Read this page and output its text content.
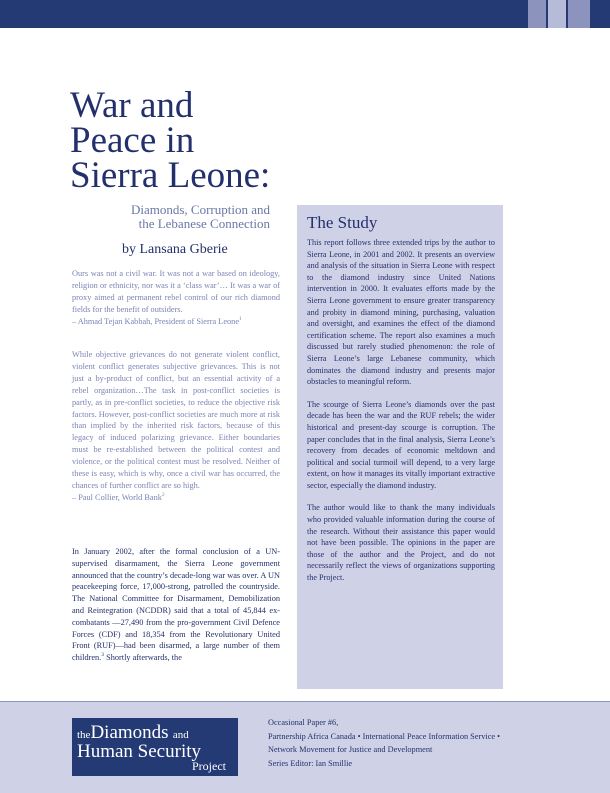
War and
Peace in
Sierra Leone:
Diamonds, Corruption and
the Lebanese Connection
by Lansana Gberie

Ours was not a civil war. It was not a war based on ideology, religion or ethnicity, nor was it a ‘class war’… It was a war of proxy aimed at permanent rebel control of our rich diamond fields for the benefit of outsiders.

– Ahmad Tejan Kabbah, President of Sierra Leone$^1$

While objective grievances do not generate violent conflict, violent conflict generates subjective grievances. This is not just a by-product of conflict, but an essential activity of a rebel organization…The task in post-conflict societies is partly, as in pre-conflict societies, to reduce the objective risk factors. However, post-conflict societies are much more at risk than implied by the inherited risk factors, because of this legacy of induced polarizing grievance. Either boundaries must be re-established between the political contest and violence, or the political contest must be resolved. Neither of these is easy, which is why, once a civil war has occurred, the chances of further conflict are so high.

– Paul Collier, World Bank$^2$

In January 2002, after the formal conclusion of a UN-supervised disarmament, the Sierra Leone government announced that the country’s decade-long war was over. A UN peacekeeping force, 17,000-strong, patrolled the countryside. The National Committee for Disarmament, Demobilization and Reintegration (NCDDR) said that a total of 45,844 ex-combatants —27,490 from the pro-government Civil Defence Forces (CDF) and 18,354 from the Revolutionary United Front (RUF)—had been disarmed, a large number of them children.$^3$ Shortly afterwards, the

The Study

This report follows three extended trips by the author to Sierra Leone, in 2001 and 2002. It presents an overview and analysis of the situation in Sierra Leone with respect to the diamond industry since United Nations intervention in 2000. It evaluates efforts made by the Sierra Leone government to ensure greater transparency and probity in diamond mining, purchasing, valuation and oversight, and examines the effect of the diamond certification scheme. The report also examines a much discussed but rarely studied phenomenon: the role of Sierra Leone’s large Lebanese community, which dominates the diamond industry and presents major obstacles to meaningful reform.

The scourge of Sierra Leone’s diamonds over the past decade has been the war and the RUF rebels; the wider historical and present-day scourge is corruption. The paper concludes that in the final analysis, Sierra Leone’s recovery from decades of economic meltdown and political and social turmoil will depend, to a very large extent, on how it manages its vitally important extractive sector, especially the diamond industry.

The author would like to thank the many individuals who provided valuable information during the course of the research. Without their assistance this paper would not have been possible. The opinions in the paper are those of the author and the Project, and do not necessarily reflect the views of organizations supporting the Project.

theDiamonds and
Human Security
Project
Occasional Paper #6,
Partnership Africa Canada • International Peace Information Service •
Network Movement for Justice and Development
Series Editor: Ian Smillie
